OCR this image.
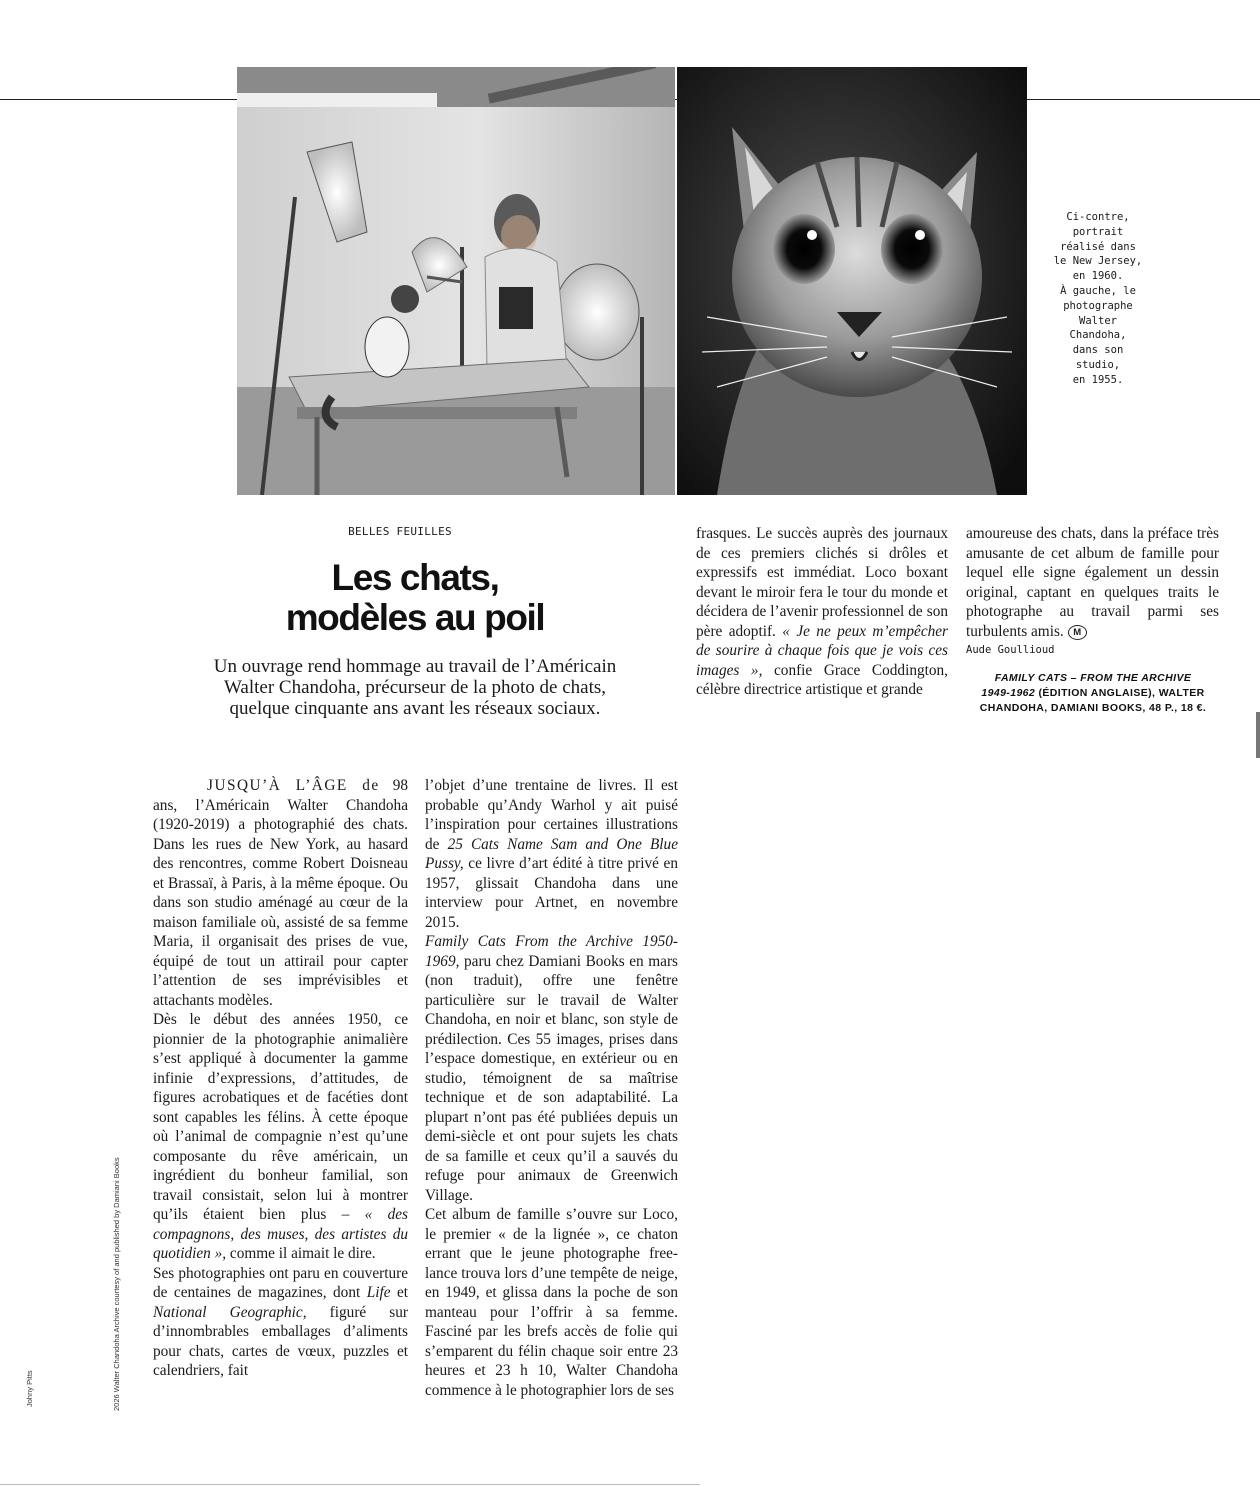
Ci-contre,
portrait
réalisé dans
le New Jersey,
en 1960.
À gauche, le
photographe
Walter
Chandoha,
dans son
studio,
en 1955.
BELLES FEUILLES
Les chats,
modèles au poil
Un ouvrage rend hommage au travail de l’Américain
Walter Chandoha, précurseur de la photo de chats,
quelque cinquante ans avant les réseaux sociaux.

JUSQU’À L’ÂGE de 98 ans, l’Américain Walter Chandoha (1920-2019) a photographié des chats. Dans les rues de New York, au hasard des rencontres, comme Robert Doisneau et Brassaï, à Paris, à la même époque. Ou dans son studio aménagé au cœur de la maison familiale où, assisté de sa femme Maria, il organisait des prises de vue, équipé de tout un attirail pour capter l’attention de ses imprévisibles et attachants modèles.

Dès le début des années 1950, ce pionnier de la photographie animalière s’est appliqué à documenter la gamme infinie d’expressions, d’attitudes, de figures acrobatiques et de facéties dont sont capables les félins. À cette époque où l’animal de compagnie n’est qu’une composante du rêve américain, un ingrédient du bonheur familial, son travail consistait, selon lui à montrer qu’ils étaient bien plus – « des compagnons, des muses, des artistes du quotidien », comme il aimait le dire.

Ses photographies ont paru en couverture de centaines de magazines, dont Life et National Geographic, figuré sur d’innombrables emballages d’aliments pour chats, cartes de vœux, puzzles et calendriers, fait

l’objet d’une trentaine de livres. Il est probable qu’Andy Warhol y ait puisé l’inspiration pour certaines illustrations de 25 Cats Name Sam and One Blue Pussy, ce livre d’art édité à titre privé en 1957, glissait Chandoha dans une interview pour Artnet, en novembre 2015.

Family Cats From the Archive 1950-1969, paru chez Damiani Books en mars (non traduit), offre une fenêtre particulière sur le travail de Walter Chandoha, en noir et blanc, son style de prédilection. Ces 55 images, prises dans l’espace domestique, en extérieur ou en studio, témoignent de sa maîtrise technique et de son adaptabilité. La plupart n’ont pas été publiées depuis un demi-siècle et ont pour sujets les chats de sa famille et ceux qu’il a sauvés du refuge pour animaux de Greenwich Village.

Cet album de famille s’ouvre sur Loco, le premier « de la lignée », ce chaton errant que le jeune photographe free-lance trouva lors d’une tempête de neige, en 1949, et glissa dans la poche de son manteau pour l’offrir à sa femme. Fasciné par les brefs accès de folie qui s’emparent du félin chaque soir entre 23 heures et 23 h 10, Walter Chandoha commence à le photographier lors de ses

frasques. Le succès auprès des journaux de ces premiers clichés si drôles et expressifs est immédiat. Loco boxant devant le miroir fera le tour du monde et décidera de l’avenir professionnel de son père adoptif. « Je ne peux m’empêcher de sourire à chaque fois que je vois ces images », confie Grace Coddington, célèbre directrice artistique et grande

amoureuse des chats, dans la préface très amusante de cet album de famille pour lequel elle signe également un dessin original, captant en quelques traits le photographe au travail parmi ses turbulents amis. M

Aude Goullioud
FAMILY CATS – FROM THE ARCHIVE
1949-1962 (ÉDITION ANGLAISE), WALTER
CHANDOHA, DAMIANI BOOKS, 48 P., 18 €.
2026 Walter Chandoha Archive courtesy of and published by Damiani Books
Johny Pitts
